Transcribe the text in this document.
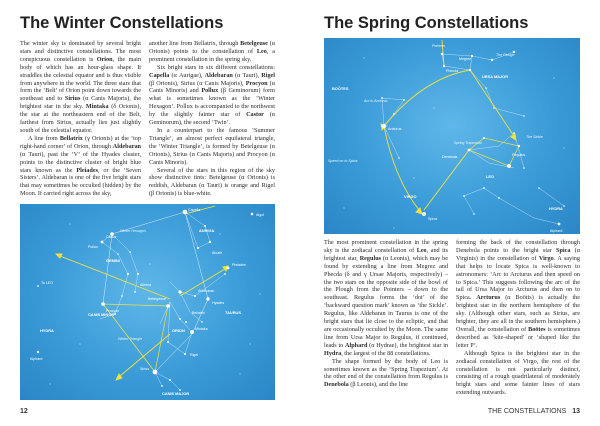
The Winter Constellations

The winter sky is dominated by several bright stars and distinctive constellations. The most conspicuous constellation is Orion, the main body of which has an hour-glass shape. It straddles the celestial equator and is thus visible from anywhere in the world. The three stars that form the ‘Belt’ of Orion point down towards the southeast and to Sirius (α Canis Majoris), the brightest star in the sky. Mintaka (δ Orionis), the star at the northeastern end of the Belt, farthest from Sirius, actually lies just slightly south of the celestial equator.

A line from Bellatrix (γ Orionis) at the ‘top right-hand corner’ of Orion, through Aldebaran (α Tauri), past the ‘V’ of the Hyades cluster, points to the distinctive cluster of bright blue stars known as the Pleiades, or the ‘Seven Sisters’. Aldebaran is one of the five bright stars that may sometimes be occulted (hidden) by the Moon. If carried right across the sky,

another line from Bellatrix, through Betelgeuse (α Orionis) points to the constellation of Leo, a prominent constellation in the spring sky.

Six bright stars in six different constellations: Capella (α Aurigae), Aldebaran (α Tauri), Rigel (β Orionis), Sirius (α Canis Majoris), Procyon (α Canis Minoris) and Pollux (β Geminorum) form what is sometimes known as the ‘Winter Hexagon’. Pollux is accompanied to the northwest by the slightly fainter star of Castor (α Geminorum), the second ‘Twin’.

In a counterpart to the famous ‘Summer Triangle’, an almost perfect equilateral triangle, the ‘Winter Triangle’, is formed by Betelgeuse (α Orionis), Sirius (α Canis Majoris) and Procyon (α Canis Minoris).

Several of the stars in this region of the sky show distinctive tints: Betelgeuse (α Orionis) is reddish, Aldebaran (α Tauri) is orange and Rigel (β Orionis) is blue-white.

Capella
AURIGA
Winter Hexagon
Castor
Pollux
GEMINI
Alnath
Pleiades
To LEO	Alhena
Betelgeuse
Aldebaran
Hyades
Bellatrix	TAURUS
CANIS MINOR
Procyon
Mintaka
HYDRA	ORION
Winter Triangle
Rigel
Alphard
Sirius
CANIS MAJOR
Algol
12
The Spring Constellations
Pointers
Megrez
The Plough
Phecda
URSA MAJOR
BOÖTES
Arc to Arcturus
Arcturus
Regulus
The Sickle
Spring Trapezium
Denebola
Speed on to Spica
LEO
VIRGO
HYDRA
Spica
Alphard

The most prominent constellation in the spring sky is the zodiacal constellation of Leo, and its brightest star, Regulus (α Leonis), which may be found by extending a line from Megrez and Phecda (δ and γ Ursae Majoris, respectively) – the two stars on the opposite side of the bowl of the Plough from the Pointers – down to the southeast. Regulus forms the ‘dot’ of the ‘backward question mark’ known as ‘the Sickle’. Regulus, like Aldebaran in Taurus is one of the bright stars that lie close to the ecliptic, and that are occasionally occulted by the Moon. The same line from Ursa Major to Regulus, if continued, leads to Alphard (α Hydrae), the brightest star in Hydra, the largest of the 88 constellations.

The shape formed by the body of Leo is sometimes known as the ‘Spring Trapezium’. At the other end of the constellation from Regulus is Denebola (β Leonis), and the line

forming the back of the constellation through Denebola points to the bright star Spica (α Virginis) in the constellation of Virgo. A saying that helps to locate Spica is well-known to astronomers: ‘Arc to Arcturus and then speed on to Spica.’ This suggests following the arc of the tail of Ursa Major to Arcturus and then on to Spica. Arcturus (α Boötis) is actually the brightest star in the northern hemisphere of the sky. (Although other stars, such as Sirius, are brighter, they are all in the southern hemisphere.) Overall, the constellation of Boötes is sometimes described as ‘kite-shaped’ or ‘shaped like the letter P’.

Although Spica is the brightest star in the zodiacal constellation of Virgo, the rest of the constellation is not particularly distinct, consisting of a rough quadrilateral of moderately bright stars and some fainter lines of stars extending outwards.

THE CONSTELLATIONS 13
